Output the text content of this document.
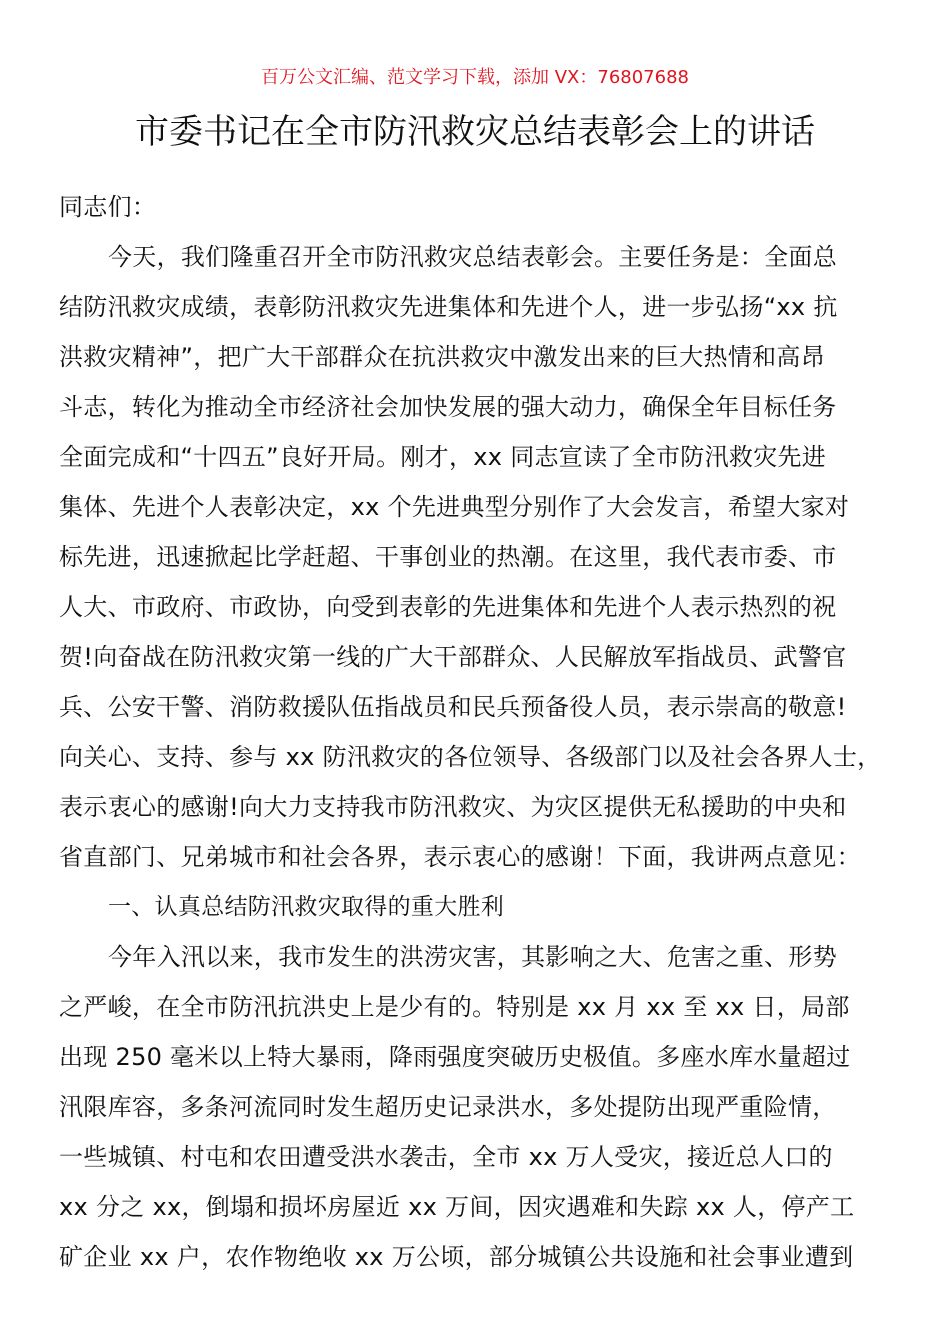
百万公文汇编、范文学习下载，添加 VX：76807688
市委书记在全市防汛救灾总结表彰会上的讲话
同志们：
今天，我们隆重召开全市防汛救灾总结表彰会。主要任务是：全面总
结防汛救灾成绩，表彰防汛救灾先进集体和先进个人，进一步弘扬“xx 抗
洪救灾精神”，把广大干部群众在抗洪救灾中激发出来的巨大热情和高昂
斗志，转化为推动全市经济社会加快发展的强大动力，确保全年目标任务
全面完成和“十四五”良好开局。刚才，xx 同志宣读了全市防汛救灾先进
集体、先进个人表彰决定，xx 个先进典型分别作了大会发言，希望大家对
标先进，迅速掀起比学赶超、干事创业的热潮。在这里，我代表市委、市
人大、市政府、市政协，向受到表彰的先进集体和先进个人表示热烈的祝
贺!向奋战在防汛救灾第一线的广大干部群众、人民解放军指战员、武警官
兵、公安干警、消防救援队伍指战员和民兵预备役人员，表示崇高的敬意!
向关心、支持、参与 xx 防汛救灾的各位领导、各级部门以及社会各界人士，
表示衷心的感谢!向大力支持我市防汛救灾、为灾区提供无私援助的中央和
省直部门、兄弟城市和社会各界，表示衷心的感谢！下面，我讲两点意见：
一、认真总结防汛救灾取得的重大胜利
今年入汛以来，我市发生的洪涝灾害，其影响之大、危害之重、形势
之严峻，在全市防汛抗洪史上是少有的。特别是 xx 月 xx 至 xx 日，局部
出现 250 毫米以上特大暴雨，降雨强度突破历史极值。多座水库水量超过
汛限库容，多条河流同时发生超历史记录洪水，多处提防出现严重险情，
一些城镇、村屯和农田遭受洪水袭击，全市 xx 万人受灾，接近总人口的
xx 分之 xx，倒塌和损坏房屋近 xx 万间，因灾遇难和失踪 xx 人，停产工
矿企业 xx 户，农作物绝收 xx 万公顷，部分城镇公共设施和社会事业遭到
